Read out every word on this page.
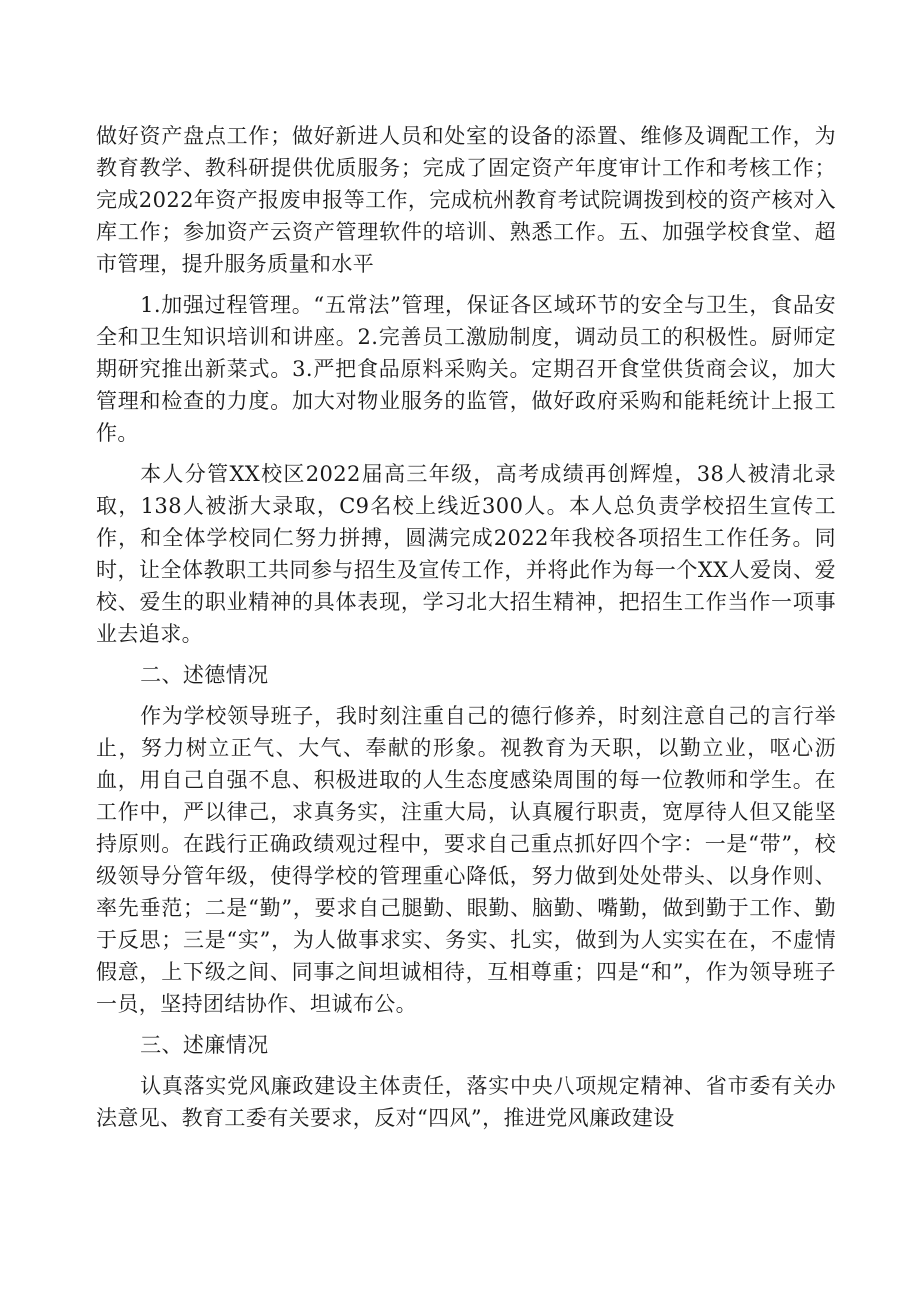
做好资产盘点工作；做好新进人员和处室的设备的添置、维修及调配工作，为教育教学、教科研提供优质服务；完成了固定资产年度审计工作和考核工作；完成2022年资产报废申报等工作，完成杭州教育考试院调拨到校的资产核对入库工作；参加资产云资产管理软件的培训、熟悉工作。五、加强学校食堂、超市管理，提升服务质量和水平

1.加强过程管理。“五常法”管理，保证各区域环节的安全与卫生，食品安全和卫生知识培训和讲座。2.完善员工激励制度，调动员工的积极性。厨师定期研究推出新菜式。3.严把食品原料采购关。定期召开食堂供货商会议，加大管理和检查的力度。加大对物业服务的监管，做好政府采购和能耗统计上报工作。

本人分管XX校区2022届高三年级，高考成绩再创辉煌，38人被清北录取，138人被浙大录取，C9名校上线近300人。本人总负责学校招生宣传工作，和全体学校同仁努力拼搏，圆满完成2022年我校各项招生工作任务。同时，让全体教职工共同参与招生及宣传工作，并将此作为每一个XX人爱岗、爱校、爱生的职业精神的具体表现，学习北大招生精神，把招生工作当作一项事业去追求。

二、述德情况

作为学校领导班子，我时刻注重自己的德行修养，时刻注意自己的言行举止，努力树立正气、大气、奉献的形象。视教育为天职，以勤立业，呕心沥血，用自己自强不息、积极进取的人生态度感染周围的每一位教师和学生。在工作中，严以律己，求真务实，注重大局，认真履行职责，宽厚待人但又能坚持原则。在践行正确政绩观过程中，要求自己重点抓好四个字：一是“带”，校级领导分管年级，使得学校的管理重心降低，努力做到处处带头、以身作则、率先垂范；二是“勤”，要求自己腿勤、眼勤、脑勤、嘴勤，做到勤于工作、勤于反思；三是“实”，为人做事求实、务实、扎实，做到为人实实在在，不虚情假意，上下级之间、同事之间坦诚相待，互相尊重；四是“和”，作为领导班子一员，坚持团结协作、坦诚布公。

三、述廉情况

认真落实党风廉政建设主体责任，落实中央八项规定精神、省市委有关办法意见、教育工委有关要求，反对“四风”，推进党风廉政建设
